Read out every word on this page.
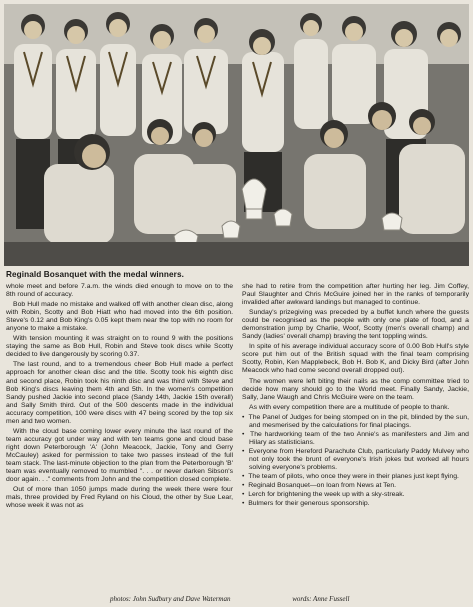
Reginald Bosanquet with the medal winners.

whole meet and before 7.a.m. the winds died enough to move on to the 8th round of accuracy.

Bob Hull made no mistake and walked off with another clean disc, along with Robin, Scotty and Bob Hiatt who had moved into the 6th position. Steve's 0.12 and Bob King's 0.05 kept them near the top with no room for anyone to make a mistake.

With tension mounting it was straight on to round 9 with the positions staying the same as Bob Hull, Robin and Steve took discs while Scotty decided to live dangerously by scoring 0.37.

The last round, and to a tremendous cheer Bob Hull made a perfect approach for another clean disc and the title. Scotty took his eighth disc and second place, Robin took his ninth disc and was third with Steve and Bob King's discs leaving them 4th and 5th. In the women's competition Sandy pushed Jackie into second place (Sandy 14th, Jackie 15th overall) and Sally Smith third. Out of the 500 descents made in the individual accuracy competition, 100 were discs with 47 being scored by the top six men and two women.

With the cloud base coming lower every minute the last round of the team accuracy got under way and with ten teams gone and cloud base right down Peterborough 'A' (John Meacock, Jackie, Tony and Gerry McCauley) asked for permission to take two passes instead of the full team stack. The last-minute objection to the plan from the Peterborough 'B' team was eventually removed to mumbled ". . . or never darken Sibson's door again. . ." comments from John and the competition closed complete.

Out of more than 1050 jumps made during the week there were four mals, three provided by Fred Ryland on his Cloud, the other by Sue Lear, whose week it was not as

she had to retire from the competition after hurting her leg. Jim Coffey, Paul Slaughter and Chris McGuire joined her in the ranks of temporarily invalided after awkward landings but managed to continue.

Sunday's prizegiving was preceded by a buffet lunch where the guests could be recognised as the people with only one plate of food, and a demonstration jump by Charlie, Woof, Scotty (men's overall champ) and Sandy (ladies' overall champ) braving the tent toppling winds.

In spite of his average individual accuracy score of 0.00 Bob Hull's style score put him out of the British squad with the final team comprising Scotty, Robin, Ken Mapplebeck, Bob H. Bob K, and Dicky Bird (after John Meacock who had come second overall dropped out).

The women were left biting their nails as the comp committee tried to decide how many should go to the World meet. Finally Sandy, Jackie, Sally, Jane Waugh and Chris McGuire were on the team.

As with every competition there are a multitude of people to thank.

•  The Panel of Judges for being stomped on in the pit, blinded by the sun, and mesmerised by the calculations for final placings.

•  The hardworking team of the two Annie's as manifesters and Jim and Hilary as statisticians.

•  Everyone from Hereford Parachute Club, particularly Paddy Mulvey who not only took the brunt of everyone's Irish jokes but worked all hours solving everyone's problems.

•  The team of pilots, who once they were in their planes just kept flying.

•  Reginald Bosanquet—on loan from News at Ten.

•  Lerch for brightening the week up with a sky-streak.

•  Bulmers for their generous sponsorship.

photos: John Sudbury and Dave Waterman	words: Anne Fussell
